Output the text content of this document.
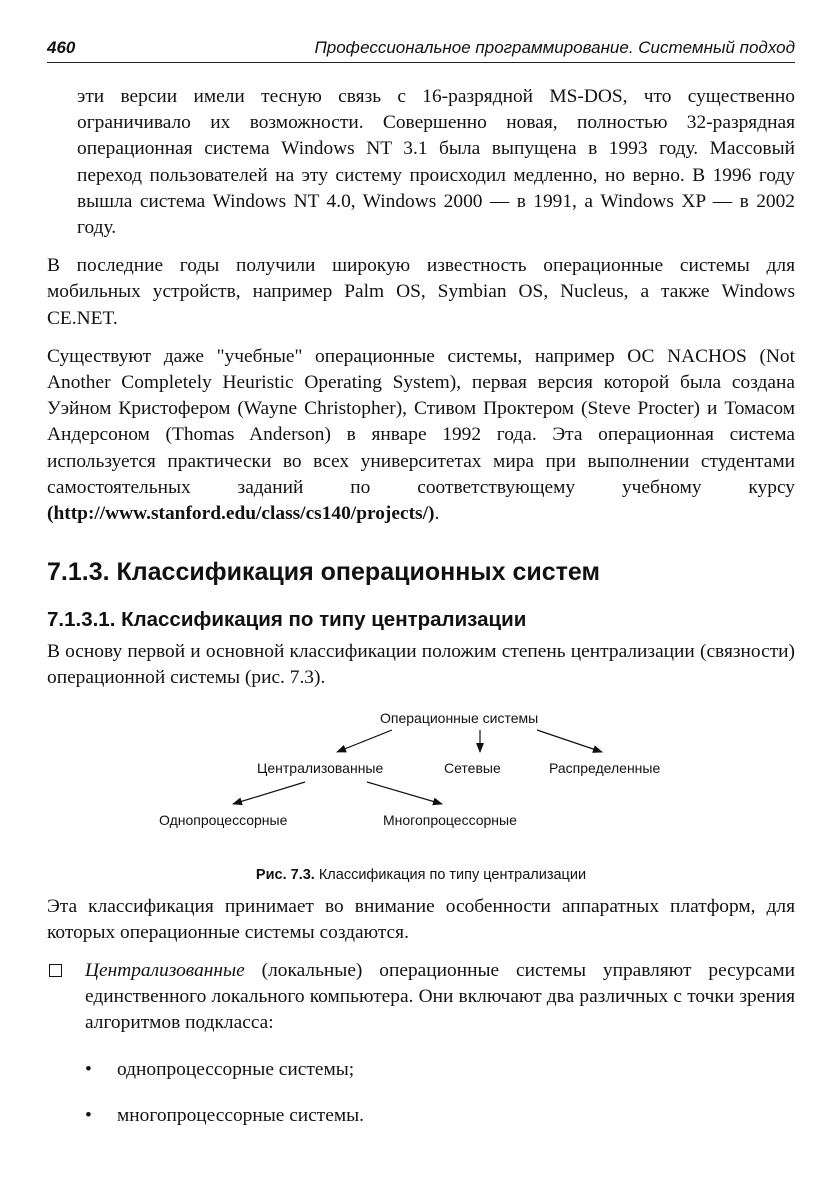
460	Профессиональное программирование. Системный подход

эти версии имели тесную связь с 16-разрядной MS-DOS, что существенно ограничивало их возможности. Совершенно новая, полностью 32-разрядная операционная система Windows NT 3.1 была выпущена в 1993 году. Массовый переход пользователей на эту систему происходил медленно, но верно. В 1996 году вышла система Windows NT 4.0, Windows 2000 — в 1991, а Windows XP — в 2002 году.

В последние годы получили широкую известность операционные системы для мобильных устройств, например Palm OS, Symbian OS, Nucleus, а также Windows CE.NET.

Существуют даже "учебные" операционные системы, например ОС NACHOS (Not Another Completely Heuristic Operating System), первая версия которой была создана Уэйном Кристофером (Wayne Christopher), Стивом Проктером (Steve Procter) и Томасом Андерсоном (Thomas Anderson) в январе 1992 года. Эта операционная система используется практически во всех университетах мира при выполнении студентами самостоятельных заданий по соответствующему учебному курсу (http://www.stanford.edu/class/cs140/projects/).

7.1.3. Классификация операционных систем
7.1.3.1. Классификация по типу централизации

В основу первой и основной классификации положим степень централизации (связности) операционной системы (рис. 7.3).

Операционные системы
Централизованные	Сетевые	Распределенные
Однопроцессорные	Многопроцессорные
Рис. 7.3. Классификация по типу централизации

Эта классификация принимает во внимание особенности аппаратных платформ, для которых операционные системы создаются.

Централизованные (локальные) операционные системы управляют ресурсами единственного локального компьютера. Они включают два различных с точки зрения алгоритмов подкласса:
• однопроцессорные системы;
• многопроцессорные системы.
